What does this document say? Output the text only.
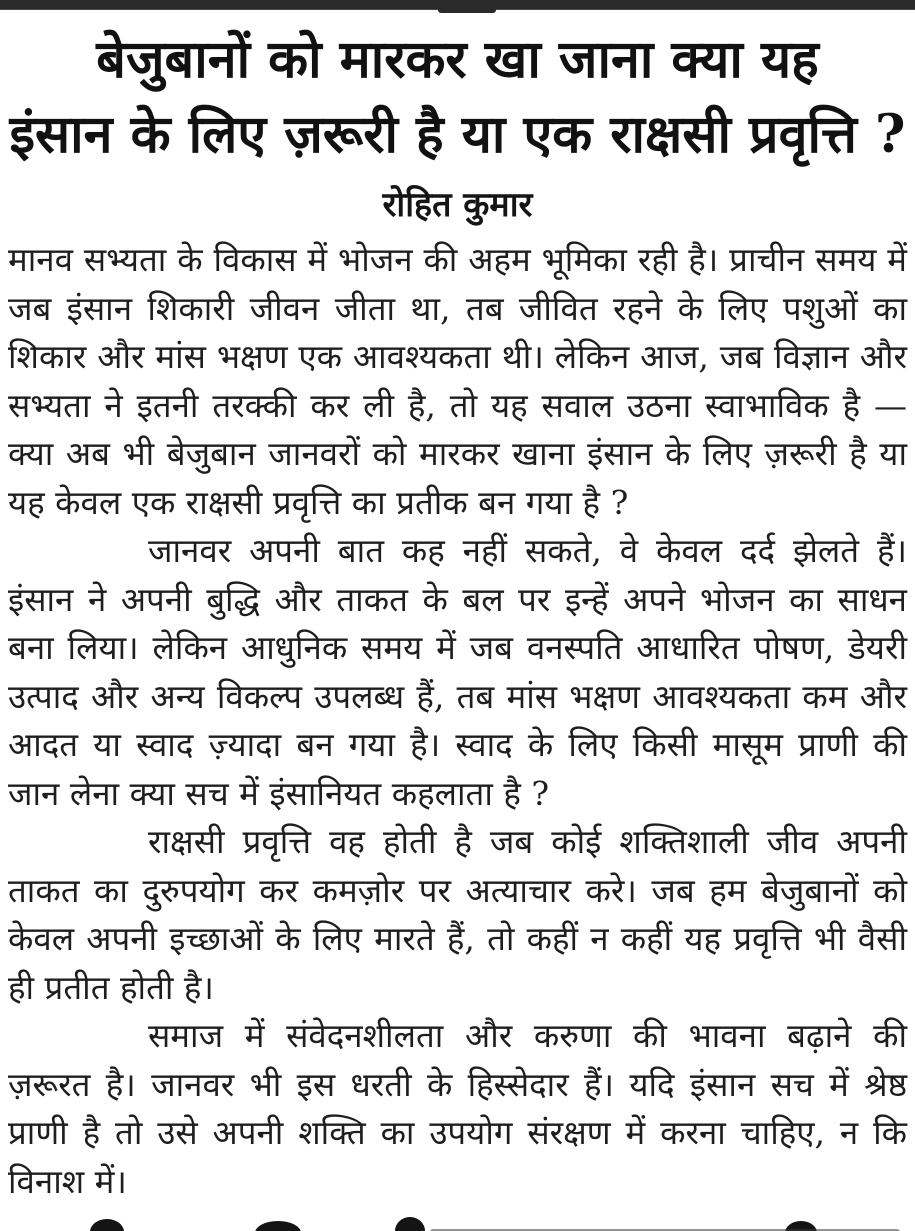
बेजुबानों को मारकर खा जाना क्या यह
इंसान के लिए ज़रूरी है या एक राक्षसी प्रवृत्ति ?
रोहित कुमार

मानव सभ्यता के विकास में भोजन की अहम भूमिका रही है। प्राचीन समय में जब इंसान शिकारी जीवन जीता था, तब जीवित रहने के लिए पशुओं का शिकार और मांस भक्षण एक आवश्यकता थी। लेकिन आज, जब विज्ञान और सभ्यता ने इतनी तरक्की कर ली है, तो यह सवाल उठना स्वाभाविक है — क्या अब भी बेजुबान जानवरों को मारकर खाना इंसान के लिए ज़रूरी है या यह केवल एक राक्षसी प्रवृत्ति का प्रतीक बन गया है ?

जानवर अपनी बात कह नहीं सकते, वे केवल दर्द झेलते हैं। इंसान ने अपनी बुद्धि और ताकत के बल पर इन्हें अपने भोजन का साधन बना लिया। लेकिन आधुनिक समय में जब वनस्पति आधारित पोषण, डेयरी उत्पाद और अन्य विकल्प उपलब्ध हैं, तब मांस भक्षण आवश्यकता कम और आदत या स्वाद ज़्यादा बन गया है। स्वाद के लिए किसी मासूम प्राणी की जान लेना क्या सच में इंसानियत कहलाता है ?

राक्षसी प्रवृत्ति वह होती है जब कोई शक्तिशाली जीव अपनी ताकत का दुरुपयोग कर कमज़ोर पर अत्याचार करे। जब हम बेजुबानों को केवल अपनी इच्छाओं के लिए मारते हैं, तो कहीं न कहीं यह प्रवृत्ति भी वैसी ही प्रतीत होती है।

समाज में संवेदनशीलता और करुणा की भावना बढ़ाने की ज़रूरत है। जानवर भी इस धरती के हिस्सेदार हैं। यदि इंसान सच में श्रेष्ठ प्राणी है तो उसे अपनी शक्ति का उपयोग संरक्षण में करना चाहिए, न कि विनाश में।
